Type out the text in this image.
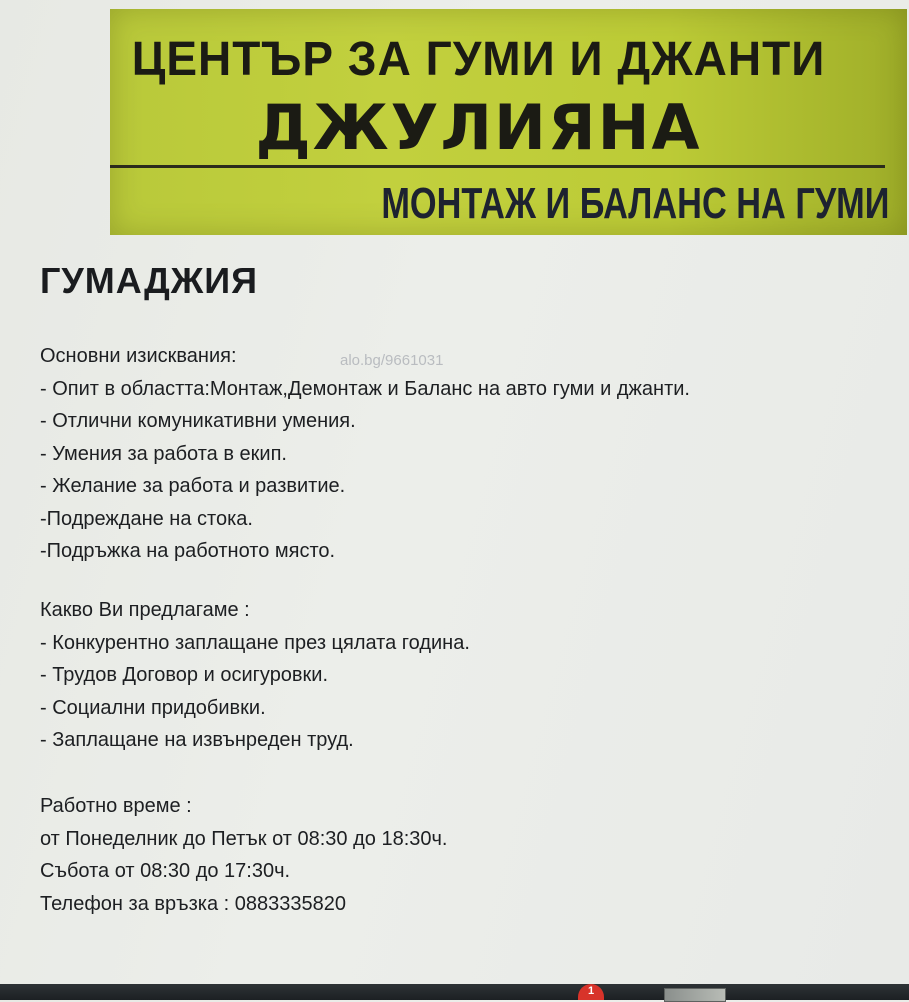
ЦЕНТЪР ЗА ГУМИ И ДЖАНТИ
ДЖУЛИЯНА
МОНТАЖ И БАЛАНС НА ГУМИ
ГУМАДЖИЯ
alo.bg/9661031

Основни изисквания:

- Опит в областта:Монтаж,Демонтаж и Баланс на авто гуми и джанти.

- Отлични комуникативни умения.

- Умения за работа в екип.

- Желание за работа и развитие.

-Подреждане на стока.

-Подръжка на работното място.

Какво Ви предлагаме :

- Конкурентно заплащане през цялата година.

- Трудов Договор и осигуровки.

- Социални придобивки.

- Заплащане на извънреден труд.

Работно време :

от Понеделник до Петък от 08:30 до 18:30ч.

Събота от 08:30 до 17:30ч.

Телефон за връзка : 0883335820

1
